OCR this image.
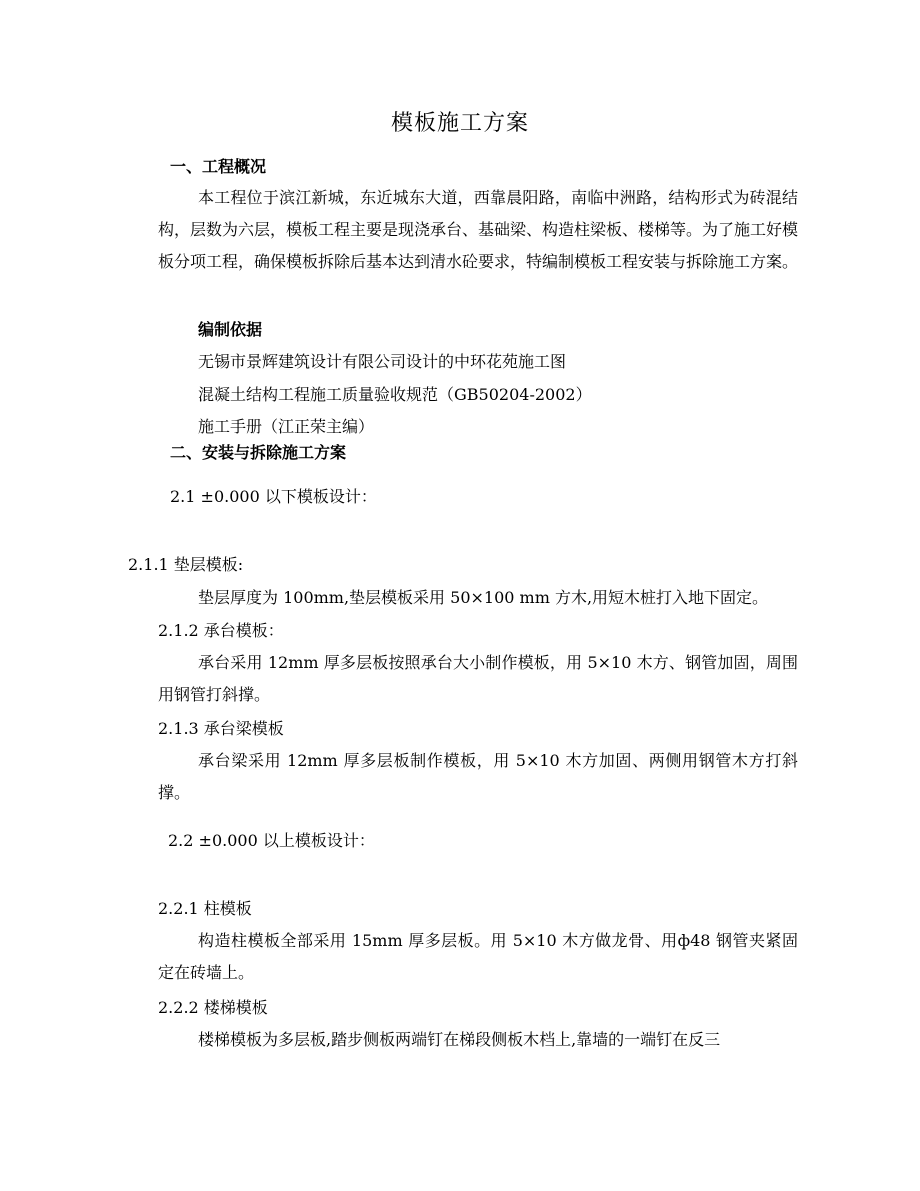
模板施工方案
一、工程概况
本工程位于滨江新城，东近城东大道，西靠晨阳路，南临中洲路，结构形式为砖混结构，层数为六层，模板工程主要是现浇承台、基础梁、构造柱梁板、楼梯等。为了施工好模板分项工程，确保模板拆除后基本达到清水砼要求，特编制模板工程安装与拆除施工方案。
编制依据
无锡市景辉建筑设计有限公司设计的中环花苑施工图
混凝土结构工程施工质量验收规范（GB50204-2002）
施工手册（江正荣主编）
二、安装与拆除施工方案
2.1 ±0.000 以下模板设计：
2.1.1 垫层模板:
垫层厚度为 100mm,垫层模板采用 50×100 mm 方木,用短木桩打入地下固定。
2.1.2 承台模板：
承台采用 12mm 厚多层板按照承台大小制作模板，用 5×10 木方、钢管加固，周围用钢管打斜撑。
2.1.3 承台梁模板
承台梁采用 12mm 厚多层板制作模板，用 5×10 木方加固、两侧用钢管木方打斜撑。
2.2 ±0.000 以上模板设计：
2.2.1 柱模板
构造柱模板全部采用 15mm 厚多层板。用 5×10 木方做龙骨、用ф48 钢管夹紧固定在砖墙上。
2.2.2 楼梯模板
楼梯模板为多层板,踏步侧板两端钉在梯段侧板木档上,靠墙的一端钉在反三
